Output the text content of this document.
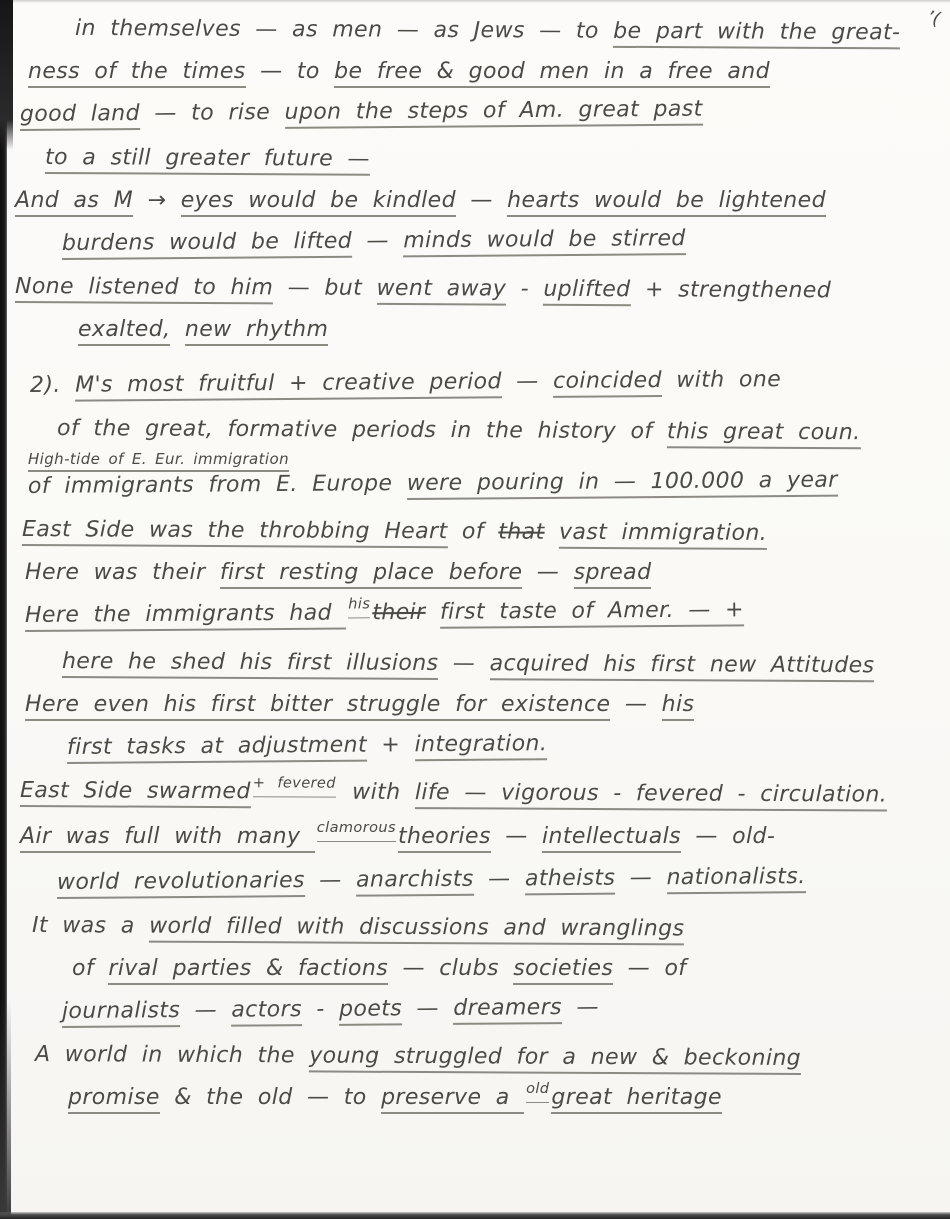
’(
in themselves — as men — as Jews — to be part with the great-
ness of the times — to be free & good men in a free and
good land — to rise upon the steps of Am. great past
to a still greater future —
And as M → eyes would be kindled — hearts would be lightened
burdens would be lifted — minds would be stirred
None listened to him — but went away - uplifted + strengthened
exalted, new rhythm
2). M's most fruitful + creative period — coincided with one
of the great, formative periods in the history of this great coun.
High-tide of E. Eur. immigration
of immigrants from E. Europe were pouring in — 100.000 a year
East Side was the throbbing Heart of that vast immigration.
Here was their first resting place before — spread
Here the immigrants had histheir first taste of Amer. — +
here he shed his first illusions — acquired his first new Attitudes
Here even his first bitter struggle for existence — his
first tasks at adjustment + integration.
East Side swarmed + fevered with life — vigorous - fevered - circulation.
Air was full with many clamoroustheories — intellectuals — old-
world revolutionaries — anarchists — atheists — nationalists.
It was a world filled with discussions and wranglings
of rival parties & factions — clubs societies — of
journalists — actors - poets — dreamers —
A world in which the young struggled for a new & beckoning
promise & the old — to preserve a oldgreat heritage
